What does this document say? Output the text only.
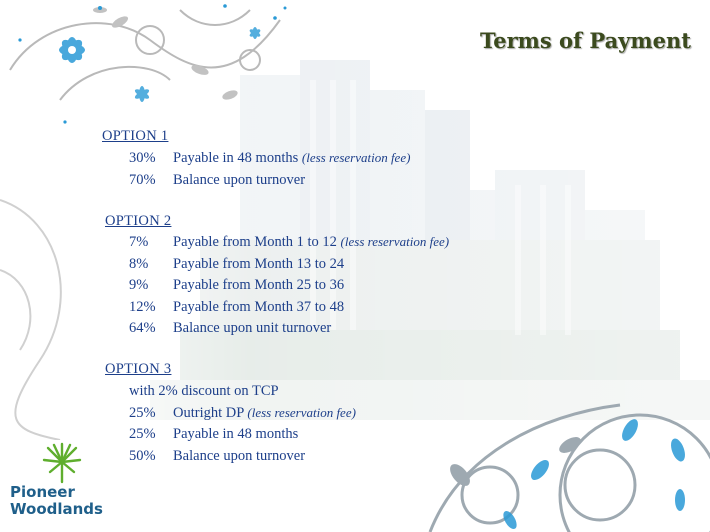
Terms of Payment
OPTION 1
30% Payable in 48 months (less reservation fee)
70% Balance upon turnover
OPTION 2
7% Payable from Month 1 to 12 (less reservation fee)
8% Payable from Month 13 to 24
9% Payable from Month 25 to 36
12% Payable from Month 37 to 48
64% Balance upon unit turnover
OPTION 3
with 2% discount on TCP
25% Outright DP (less reservation fee)
25% Payable in 48 months
50% Balance upon turnover
Pioneer
Woodlands
